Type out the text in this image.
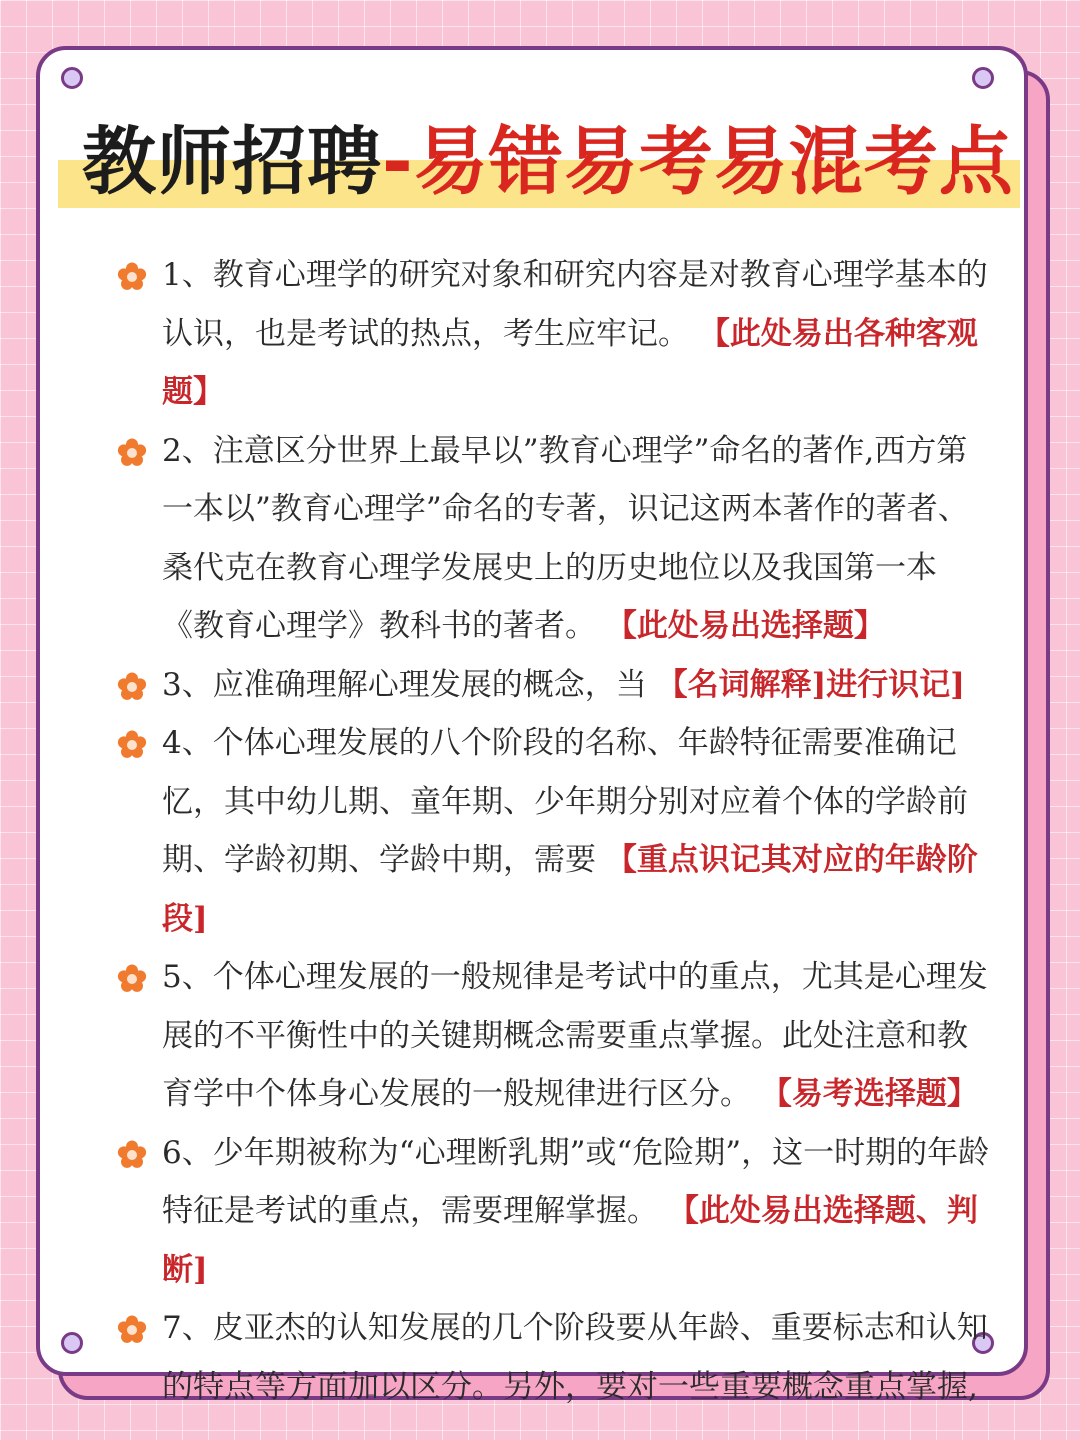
教师招聘-易错易考易混考点
1、教育心理学的研究对象和研究内容是对教育心理学基本的认识，也是考试的热点，考生应牢记。 【此处易出各种客观题】
2、注意区分世界上最早以”教育心理学”命名的著作,西方第一本以”教育心理学”命名的专著，识记这两本著作的著者、桑代克在教育心理学发展史上的历史地位以及我国第一本《教育心理学》教科书的著者。 【此处易出选择题】
3、应准确理解心理发展的概念，当 【名词解释]进行识记]
4、个体心理发展的八个阶段的名称、年龄特征需要准确记忆，其中幼儿期、童年期、少年期分别对应着个体的学龄前期、学龄初期、学龄中期，需要 【重点识记其对应的年龄阶段]
5、个体心理发展的一般规律是考试中的重点，尤其是心理发展的不平衡性中的关键期概念需要重点掌握。此处注意和教育学中个体身心发展的一般规律进行区分。 【易考选择题】
6、少年期被称为“心理断乳期”或“危险期”，这一时期的年龄特征是考试的重点，需要理解掌握。 【此处易出选择题、判断]
7、皮亚杰的认知发展的几个阶段要从年龄、重要标志和认知的特点等方面加以区分。另外，要对一些重要概念重点掌握,
